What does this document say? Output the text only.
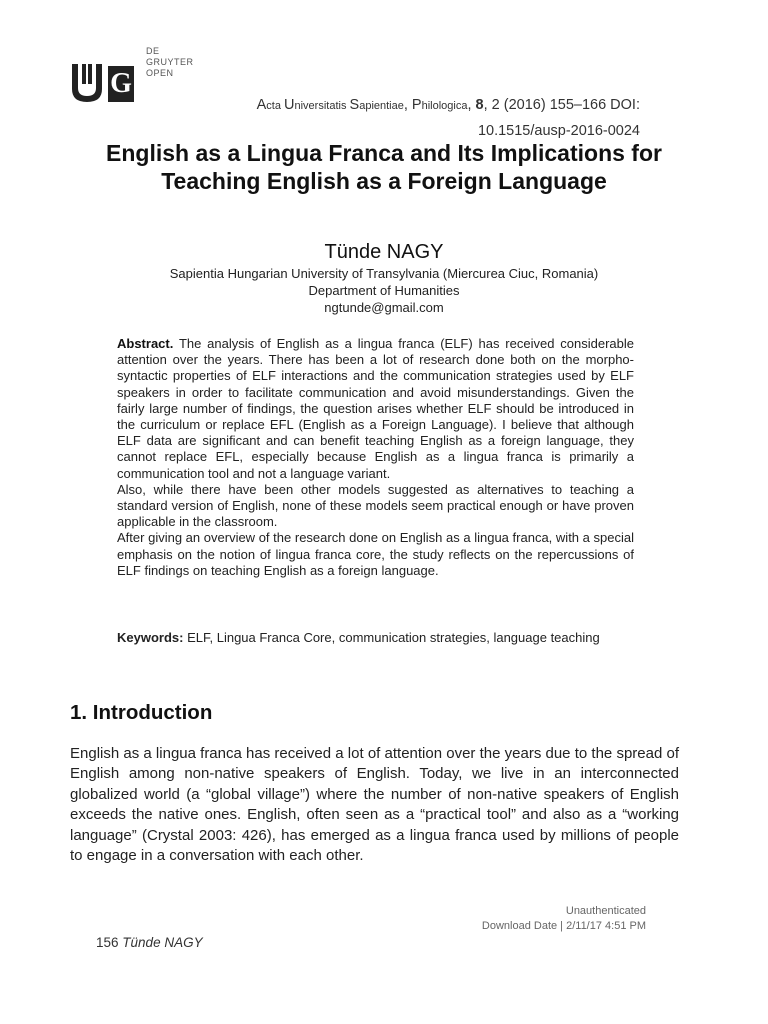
G
DE GRUYTER
OPEN
Acta Universitatis Sapientiae, Philologica, 8, 2 (2016) 155–166 DOI:
10.1515/ausp-2016-0024
English as a Lingua Franca and Its Implications for Teaching English as a Foreign Language
Tünde NAGY
Sapientia Hungarian University of Transylvania (Miercurea Ciuc, Romania)
Department of Humanities
ngtunde@gmail.com

Abstract. The analysis of English as a lingua franca (ELF) has received considerable attention over the years. There has been a lot of research done both on the morpho-syntactic properties of ELF interactions and the communication strategies used by ELF speakers in order to facilitate communication and avoid misunderstandings. Given the fairly large number of findings, the question arises whether ELF should be introduced in the curriculum or replace EFL (English as a Foreign Language). I believe that although ELF data are significant and can benefit teaching English as a foreign language, they cannot replace EFL, especially because English as a lingua franca is primarily a communication tool and not a language variant.

Also, while there have been other models suggested as alternatives to teaching a standard version of English, none of these models seem practical enough or have proven applicable in the classroom.

After giving an overview of the research done on English as a lingua franca, with a special emphasis on the notion of lingua franca core, the study reflects on the repercussions of ELF findings on teaching English as a foreign language.

Keywords: ELF, Lingua Franca Core, communication strategies, language teaching
1. Introduction

English as a lingua franca has received a lot of attention over the years due to the spread of English among non-native speakers of English. Today, we live in an interconnected globalized world (a “global village”) where the number of non-native speakers of English exceeds the native ones. English, often seen as a “practical tool” and also as a “working language” (Crystal 2003: 426), has emerged as a lingua franca used by millions of people to engage in a conversation with each other.

Unauthenticated
Download Date | 2/11/17 4:51 PM
156 Tünde NAGY
